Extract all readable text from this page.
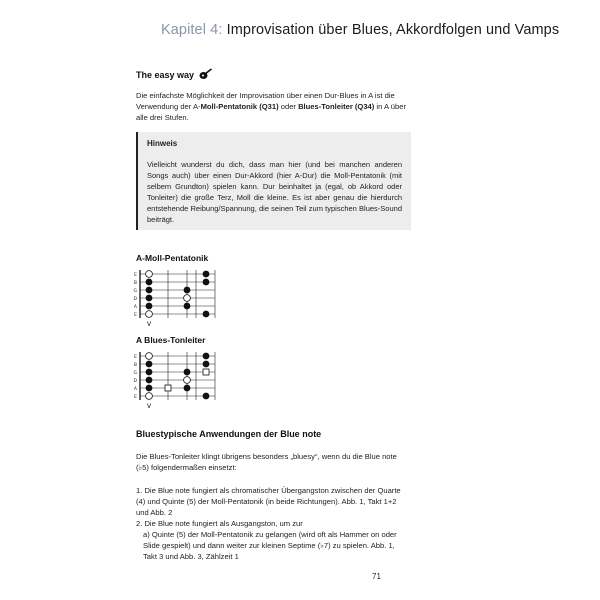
Kapitel 4: Improvisation über Blues, Akkordfolgen und Vamps
The easy way
Die einfachste Möglichkeit der Improvisation über einen Dur-Blues in A ist die Verwendung der A-Moll-Pentatonik (Q31) oder Blues-Tonleiter (Q34) in A über alle drei Stufen.
Hinweis
Vielleicht wunderst du dich, dass man hier (und bei manchen anderen Songs auch) über einen Dur-Akkord (hier A-Dur) die Moll-Pentatonik (mit selbem Grundton) spielen kann. Dur beinhaltet ja (egal, ob Akkord oder Tonleiter) die große Terz, Moll die kleine. Es ist aber genau die hierdurch entstehende Reibung/Spannung, die seinen Teil zum typischen Blues-Sound beiträgt.
A-Moll-Pentatonik
E
B
G
D
A
E
V
A Blues-Tonleiter
E
B
G
D
A
E
V
Bluestypische Anwendungen der Blue note
Die Blues-Tonleiter klingt übrigens besonders „bluesy“, wenn du die Blue note (♭5) folgendermaßen einsetzt:

1. Die Blue note fungiert als chromatischer Übergangston zwischen der Quarte (4) und Quinte (5) der Moll-Pentatonik (in beide Richtungen). Abb. 1, Takt 1+2 und Abb. 2

2. Die Blue note fungiert als Ausgangston, um zur

a) Quinte (5) der Moll-Pentatonik zu gelangen (wird oft als Hammer on oder Slide gespielt) und dann weiter zur kleinen Septime (♭7) zu spielen. Abb. 1, Takt 3 und Abb. 3, Zählzeit 1

71
